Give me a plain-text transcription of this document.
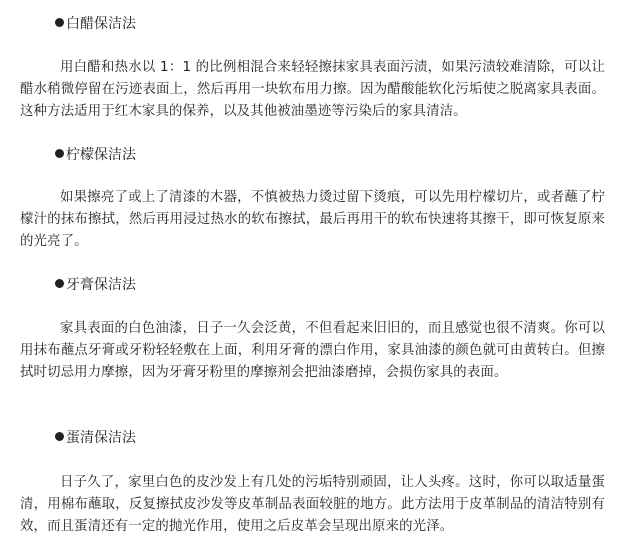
白醋保洁法
用白醋和热水以 1：1 的比例相混合来轻轻擦抹家具表面污渍，如果污渍较难清除，可以让醋水稍微停留在污迹表面上，然后再用一块软布用力擦。因为醋酸能软化污垢使之脱离家具表面。这种方法适用于红木家具的保养，以及其他被油墨迹等污染后的家具清洁。
柠檬保洁法
如果擦亮了或上了清漆的木器，不慎被热力烫过留下烫痕，可以先用柠檬切片，或者蘸了柠檬汁的抹布擦拭，然后再用浸过热水的软布擦拭，最后再用干的软布快速将其擦干，即可恢复原来的光亮了。
牙膏保洁法
家具表面的白色油漆，日子一久会泛黄，不但看起来旧旧的，而且感觉也很不清爽。你可以用抹布蘸点牙膏或牙粉轻轻敷在上面，利用牙膏的漂白作用，家具油漆的颜色就可由黄转白。但擦拭时切忌用力摩擦，因为牙膏牙粉里的摩擦剂会把油漆磨掉，会损伤家具的表面。
蛋清保洁法
日子久了，家里白色的皮沙发上有几处的污垢特别顽固，让人头疼。这时，你可以取适量蛋清，用棉布蘸取，反复擦拭皮沙发等皮革制品表面较脏的地方。此方法用于皮革制品的清洁特别有效，而且蛋清还有一定的抛光作用，使用之后皮革会呈现出原来的光泽。
